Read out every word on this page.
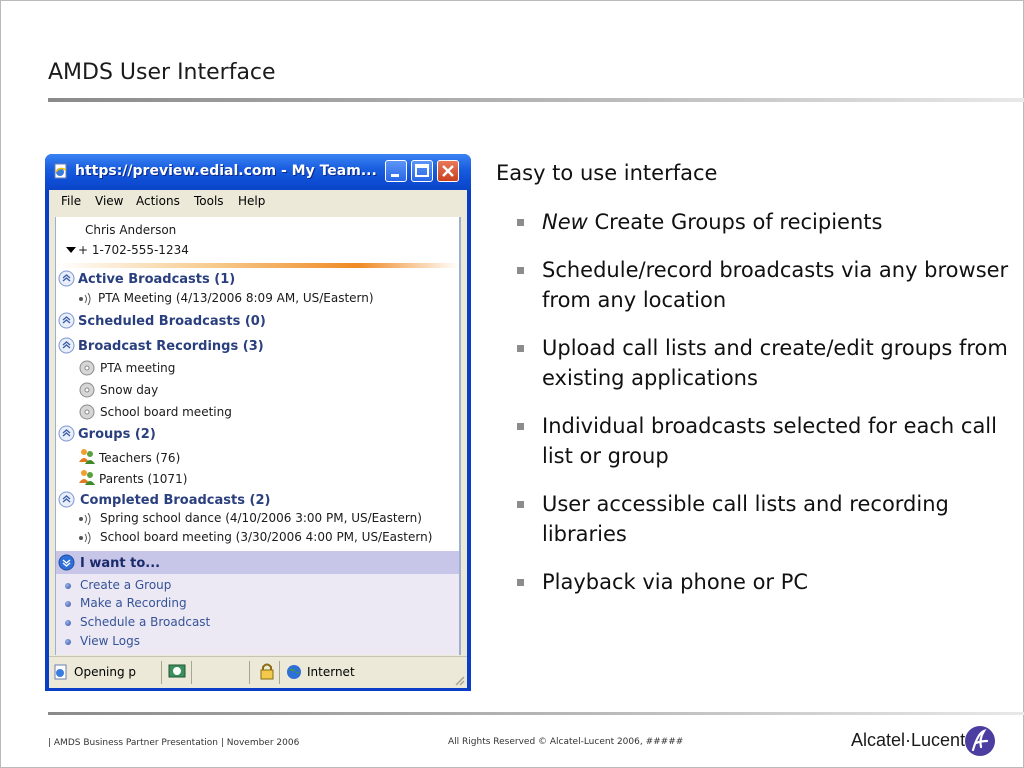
AMDS User Interface
https://preview.edial.com - My Team...
File View Actions Tools Help
Chris Anderson
+ 1-702-555-1234
Active Broadcasts (1)
PTA Meeting (4/13/2006 8:09 AM, US/Eastern)
Scheduled Broadcasts (0)
Broadcast Recordings (3)
PTA meeting
Snow day
School board meeting
Groups (2)
Teachers (76)
Parents (1071)
Completed Broadcasts (2)
Spring school dance (4/10/2006 3:00 PM, US/Eastern)
School board meeting (3/30/2006 4:00 PM, US/Eastern)
I want to...
Create a Group
Make a Recording
Schedule a Broadcast
View Logs
Opening p	Internet
Easy to use interface
New Create Groups of recipients
Schedule/record broadcasts via any browser from any location
Upload call lists and create/edit groups from existing applications
Individual broadcasts selected for each call list or group
User accessible call lists and recording libraries
Playback via phone or PC
| AMDS Business Partner Presentation | November 2006	All Rights Reserved © Alcatel-Lucent 2006, #####	Alcatel·Lucent
